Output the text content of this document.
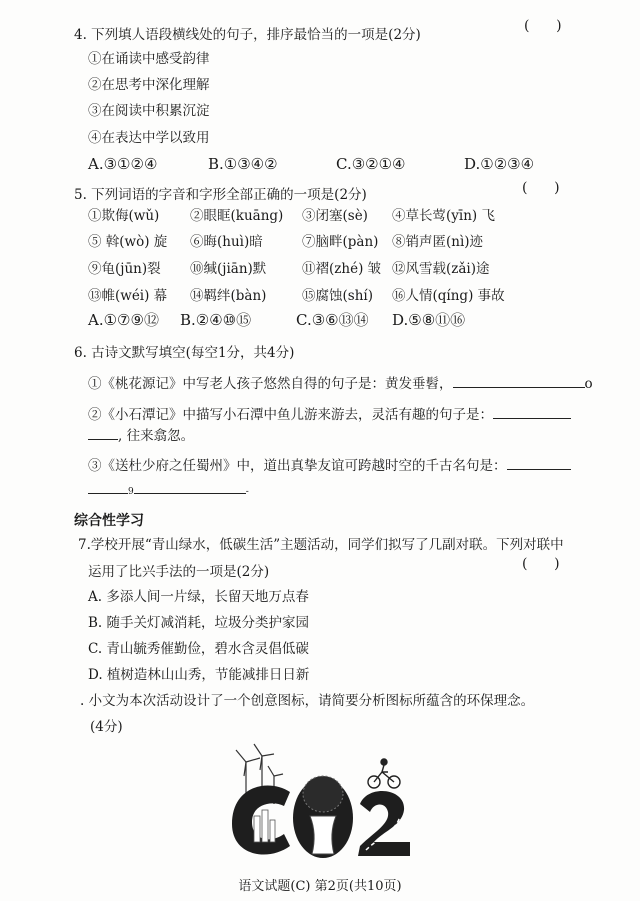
4. 下列填人语段横线处的句子，排序最恰当的一项是(2分)
(      )
①在诵读中感受韵律
②在思考中深化理解
③在阅读中积累沉淀
④在表达中学以致用
A.③①②④	B.①③④②	C.③②①④	D.①②③④
5. 下列词语的字音和字形全部正确的一项是(2分)	(      )
①欺侮(wǔ)	②眼眶(kuāng)	③闭塞(sè)	④草长莺(yīn) 飞
⑤ 斡(wò) 旋	⑥晦(huì)暗	⑦脑畔(pàn)	⑧销声匿(nì)迹
⑨龟(jūn)裂	⑩缄(jiān)默	⑪褶(zhé) 皱 ⑫风雪载(zǎi)途
⑬帷(wéi) 幕	⑭羁绊(bàn)	⑮腐蚀(shí)	⑯人情(qíng) 事故
A.①⑦⑨⑫ B.②④⑩⑮	C.③⑥⑬⑭ D.⑤⑧⑪⑯
6. 古诗文默写填空(每空1分，共4分)
①《桃花源记》中写老人孩子悠然自得的句子是：黄发垂髫，	o
②《小石潭记》中描写小石潭中鱼儿游来游去，灵活有趣的句子是：
, 往来翕忽。
③《送杜少府之任蜀州》中，道出真挚友谊可跨越时空的千古名句是：
9	-
综合性学习
7.学校开展“青山绿水，低碳生活”主题活动，同学们拟写了几副对联。下列对联中
运用了比兴手法的一项是(2分)	(      )
A. 多添人间一片绿，长留天地万点春
B. 随手关灯减消耗，垃圾分类护家园
C. 青山毓秀催勤俭，碧水含灵倡低碳
D. 植树造林山山秀，节能减排日日新
. 小文为本次活动设计了一个创意图标，请简要分析图标所蕴含的环保理念。
(4分)
语文试题(C) 第2页(共10页)
